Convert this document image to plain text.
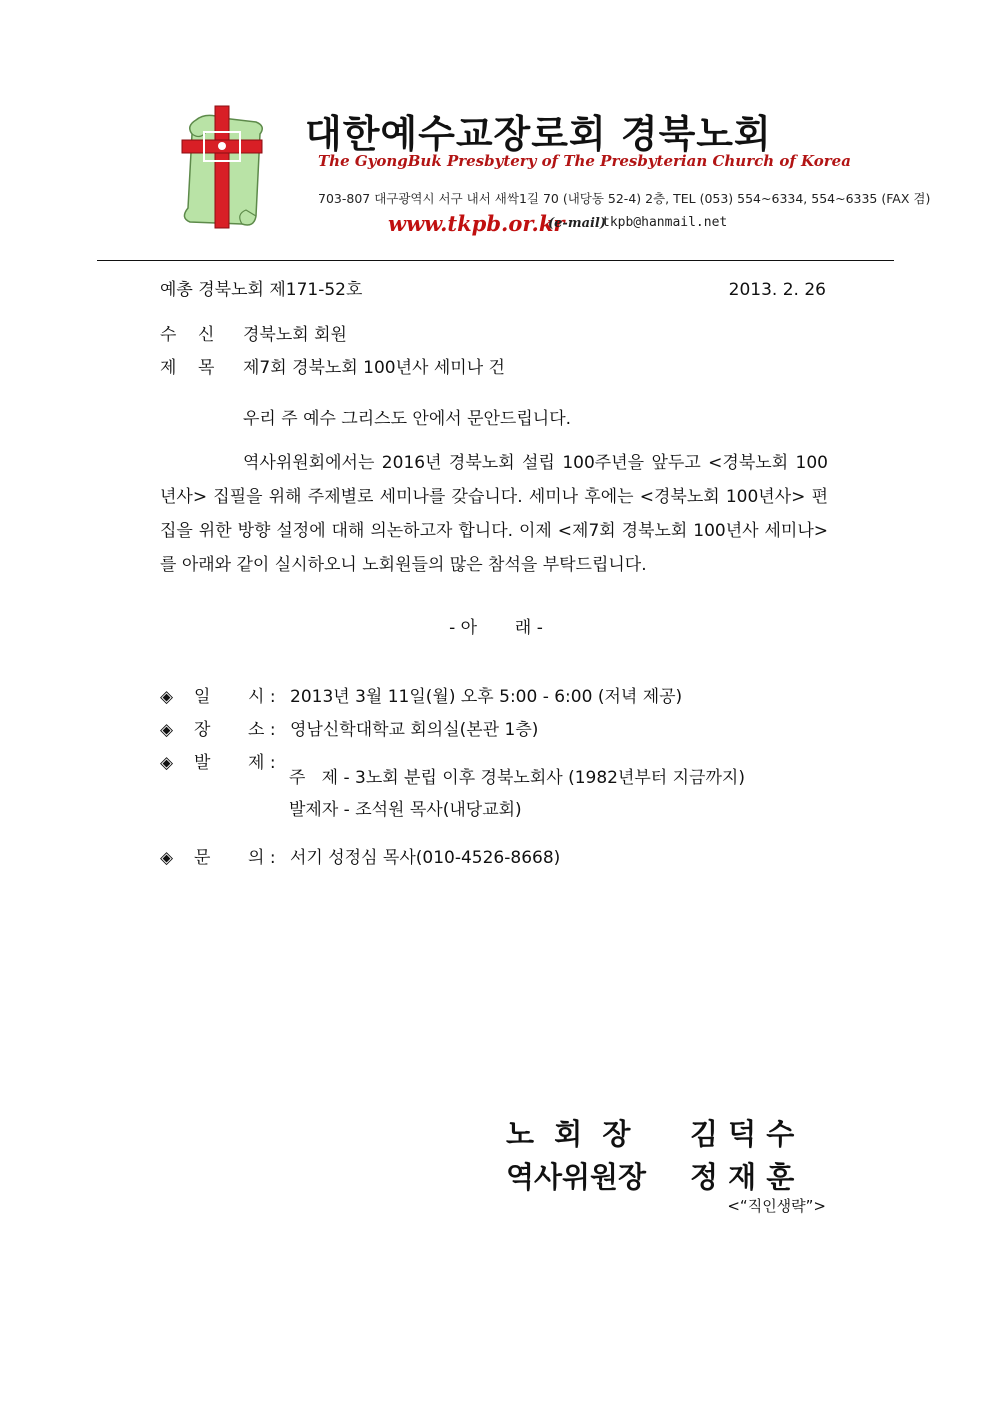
대한예수교장로회 경북노회
The GyongBuk Presbytery of The Presbyterian Church of Korea
703-807 대구광역시 서구 내서 새싹1길 70 (내당동 52-4) 2층, TEL (053) 554~6334, 554~6335 (FAX 겸)
www.tkpb.or.kr
(e-mail)
tkpb@hanmail.net
예총 경북노회 제171-52호	2013. 2. 26
수    신 경북노회 회원
제    목 제7회 경북노회 100년사 세미나 건
우리 주 예수 그리스도 안에서 문안드립니다.
역사위원회에서는 2016년 경북노회 설립 100주년을 앞두고 <경북노회 100년사> 집필을 위해 주제별로 세미나를 갖습니다. 세미나 후에는 <경북노회 100년사> 편집을 위한 방향 설정에 대해 의논하고자 합니다. 이제 <제7회 경북노회 100년사 세미나>를 아래와 같이 실시하오니 노회원들의 많은 참석을 부탁드립니다.
- 아       래 -
◈ 일 시 : 2013년 3월 11일(월) 오후 5:00 - 6:00 (저녁 제공)
◈ 장 소 : 영남신학대학교 회의실(본관 1층)
◈ 발 제 :
주   제 - 3노회 분립 이후 경북노회사 (1982년부터 지금까지)
발제자 - 조석원 목사(내당교회)
◈ 문 의 : 서기 성정심 목사(010-4526-8668)
노  회  장 김 덕 수
역사위원장 정 재 훈
<“직인생략”>
